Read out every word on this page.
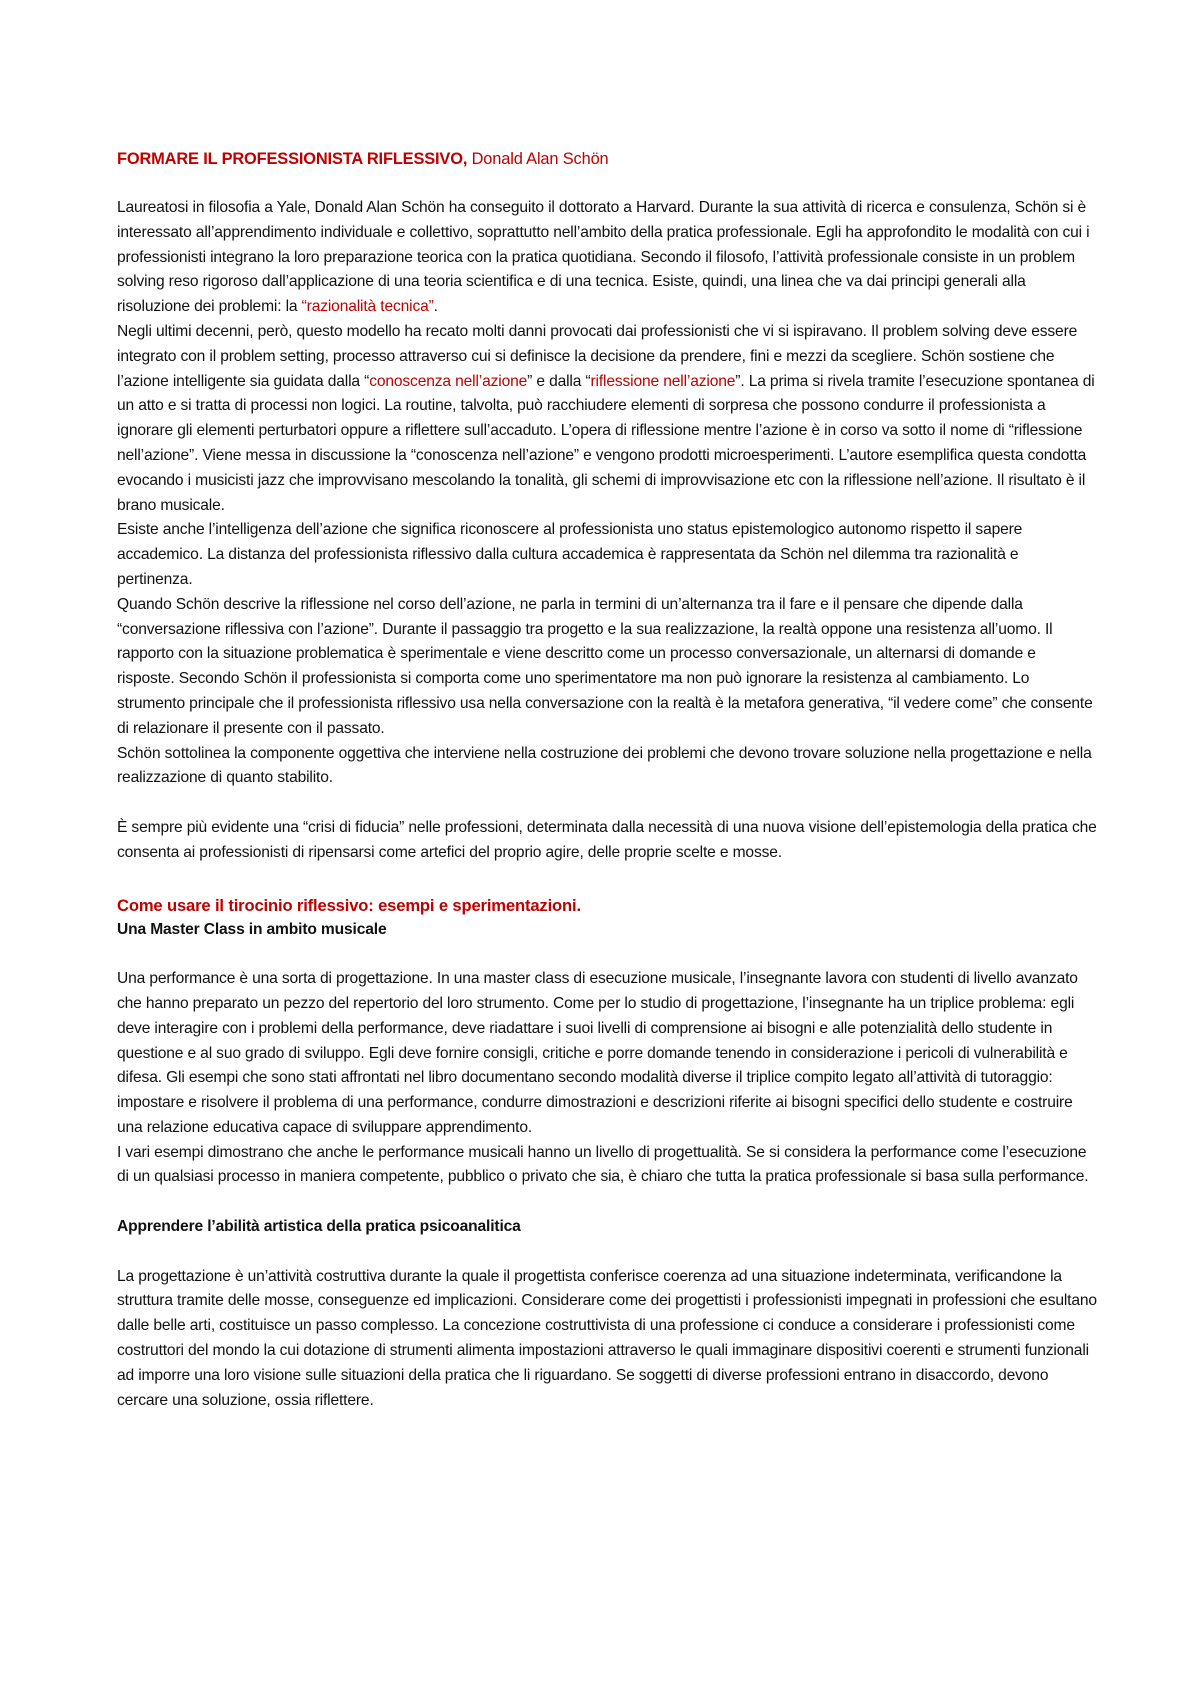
FORMARE IL PROFESSIONISTA RIFLESSIVO, Donald Alan Schön

Laureatosi in filosofia a Yale, Donald Alan Schön ha conseguito il dottorato a Harvard. Durante la sua attività di ricerca e consulenza, Schön si è interessato all’apprendimento individuale e collettivo, soprattutto nell’ambito della pratica professionale. Egli ha approfondito le modalità con cui i professionisti integrano la loro preparazione teorica con la pratica quotidiana. Secondo il filosofo, l’attività professionale consiste in un problem solving reso rigoroso dall’applicazione di una teoria scientifica e di una tecnica. Esiste, quindi, una linea che va dai principi generali alla risoluzione dei problemi: la “razionalità tecnica”.

Negli ultimi decenni, però, questo modello ha recato molti danni provocati dai professionisti che vi si ispiravano. Il problem solving deve essere integrato con il problem setting, processo attraverso cui si definisce la decisione da prendere, fini e mezzi da scegliere. Schön sostiene che l’azione intelligente sia guidata dalla “conoscenza nell’azione” e dalla “riflessione nell’azione”. La prima si rivela tramite l’esecuzione spontanea di un atto e si tratta di processi non logici. La routine, talvolta, può racchiudere elementi di sorpresa che possono condurre il professionista a ignorare gli elementi perturbatori oppure a riflettere sull’accaduto. L’opera di riflessione mentre l’azione è in corso va sotto il nome di “riflessione nell’azione”. Viene messa in discussione la “conoscenza nell’azione” e vengono prodotti microesperimenti. L’autore esemplifica questa condotta evocando i musicisti jazz che improvvisano mescolando la tonalità, gli schemi di improvvisazione etc con la riflessione nell’azione. Il risultato è il brano musicale.

Esiste anche l’intelligenza dell’azione che significa riconoscere al professionista uno status epistemologico autonomo rispetto il sapere accademico. La distanza del professionista riflessivo dalla cultura accademica è rappresentata da Schön nel dilemma tra razionalità e pertinenza.

Quando Schön descrive la riflessione nel corso dell’azione, ne parla in termini di un’alternanza tra il fare e il pensare che dipende dalla “conversazione riflessiva con l’azione”. Durante il passaggio tra progetto e la sua realizzazione, la realtà oppone una resistenza all’uomo. Il rapporto con la situazione problematica è sperimentale e viene descritto come un processo conversazionale, un alternarsi di domande e risposte. Secondo Schön il professionista si comporta come uno sperimentatore ma non può ignorare la resistenza al cambiamento. Lo strumento principale che il professionista riflessivo usa nella conversazione con la realtà è la metafora generativa, “il vedere come” che consente di relazionare il presente con il passato.

Schön sottolinea la componente oggettiva che interviene nella costruzione dei problemi che devono trovare soluzione nella progettazione e nella realizzazione di quanto stabilito.

È sempre più evidente una “crisi di fiducia” nelle professioni, determinata dalla necessità di una nuova visione dell’epistemologia della pratica che consenta ai professionisti di ripensarsi come artefici del proprio agire, delle proprie scelte e mosse.

Come usare il tirocinio riflessivo: esempi e sperimentazioni.
Una Master Class in ambito musicale

Una performance è una sorta di progettazione. In una master class di esecuzione musicale, l’insegnante lavora con studenti di livello avanzato che hanno preparato un pezzo del repertorio del loro strumento. Come per lo studio di progettazione, l’insegnante ha un triplice problema: egli deve interagire con i problemi della performance, deve riadattare i suoi livelli di comprensione ai bisogni e alle potenzialità dello studente in questione e al suo grado di sviluppo. Egli deve fornire consigli, critiche e porre domande tenendo in considerazione i pericoli di vulnerabilità e difesa. Gli esempi che sono stati affrontati nel libro documentano secondo modalità diverse il triplice compito legato all’attività di tutoraggio: impostare e risolvere il problema di una performance, condurre dimostrazioni e descrizioni riferite ai bisogni specifici dello studente e costruire una relazione educativa capace di sviluppare apprendimento.

I vari esempi dimostrano che anche le performance musicali hanno un livello di progettualità. Se si considera la performance come l’esecuzione di un qualsiasi processo in maniera competente, pubblico o privato che sia, è chiaro che tutta la pratica professionale si basa sulla performance.

Apprendere l’abilità artistica della pratica psicoanalitica

La progettazione è un’attività costruttiva durante la quale il progettista conferisce coerenza ad una situazione indeterminata, verificandone la struttura tramite delle mosse, conseguenze ed implicazioni. Considerare come dei progettisti i professionisti impegnati in professioni che esultano dalle belle arti, costituisce un passo complesso. La concezione costruttivista di una professione ci conduce a considerare i professionisti come costruttori del mondo la cui dotazione di strumenti alimenta impostazioni attraverso le quali immaginare dispositivi coerenti e strumenti funzionali ad imporre una loro visione sulle situazioni della pratica che li riguardano. Se soggetti di diverse professioni entrano in disaccordo, devono cercare una soluzione, ossia riflettere.
